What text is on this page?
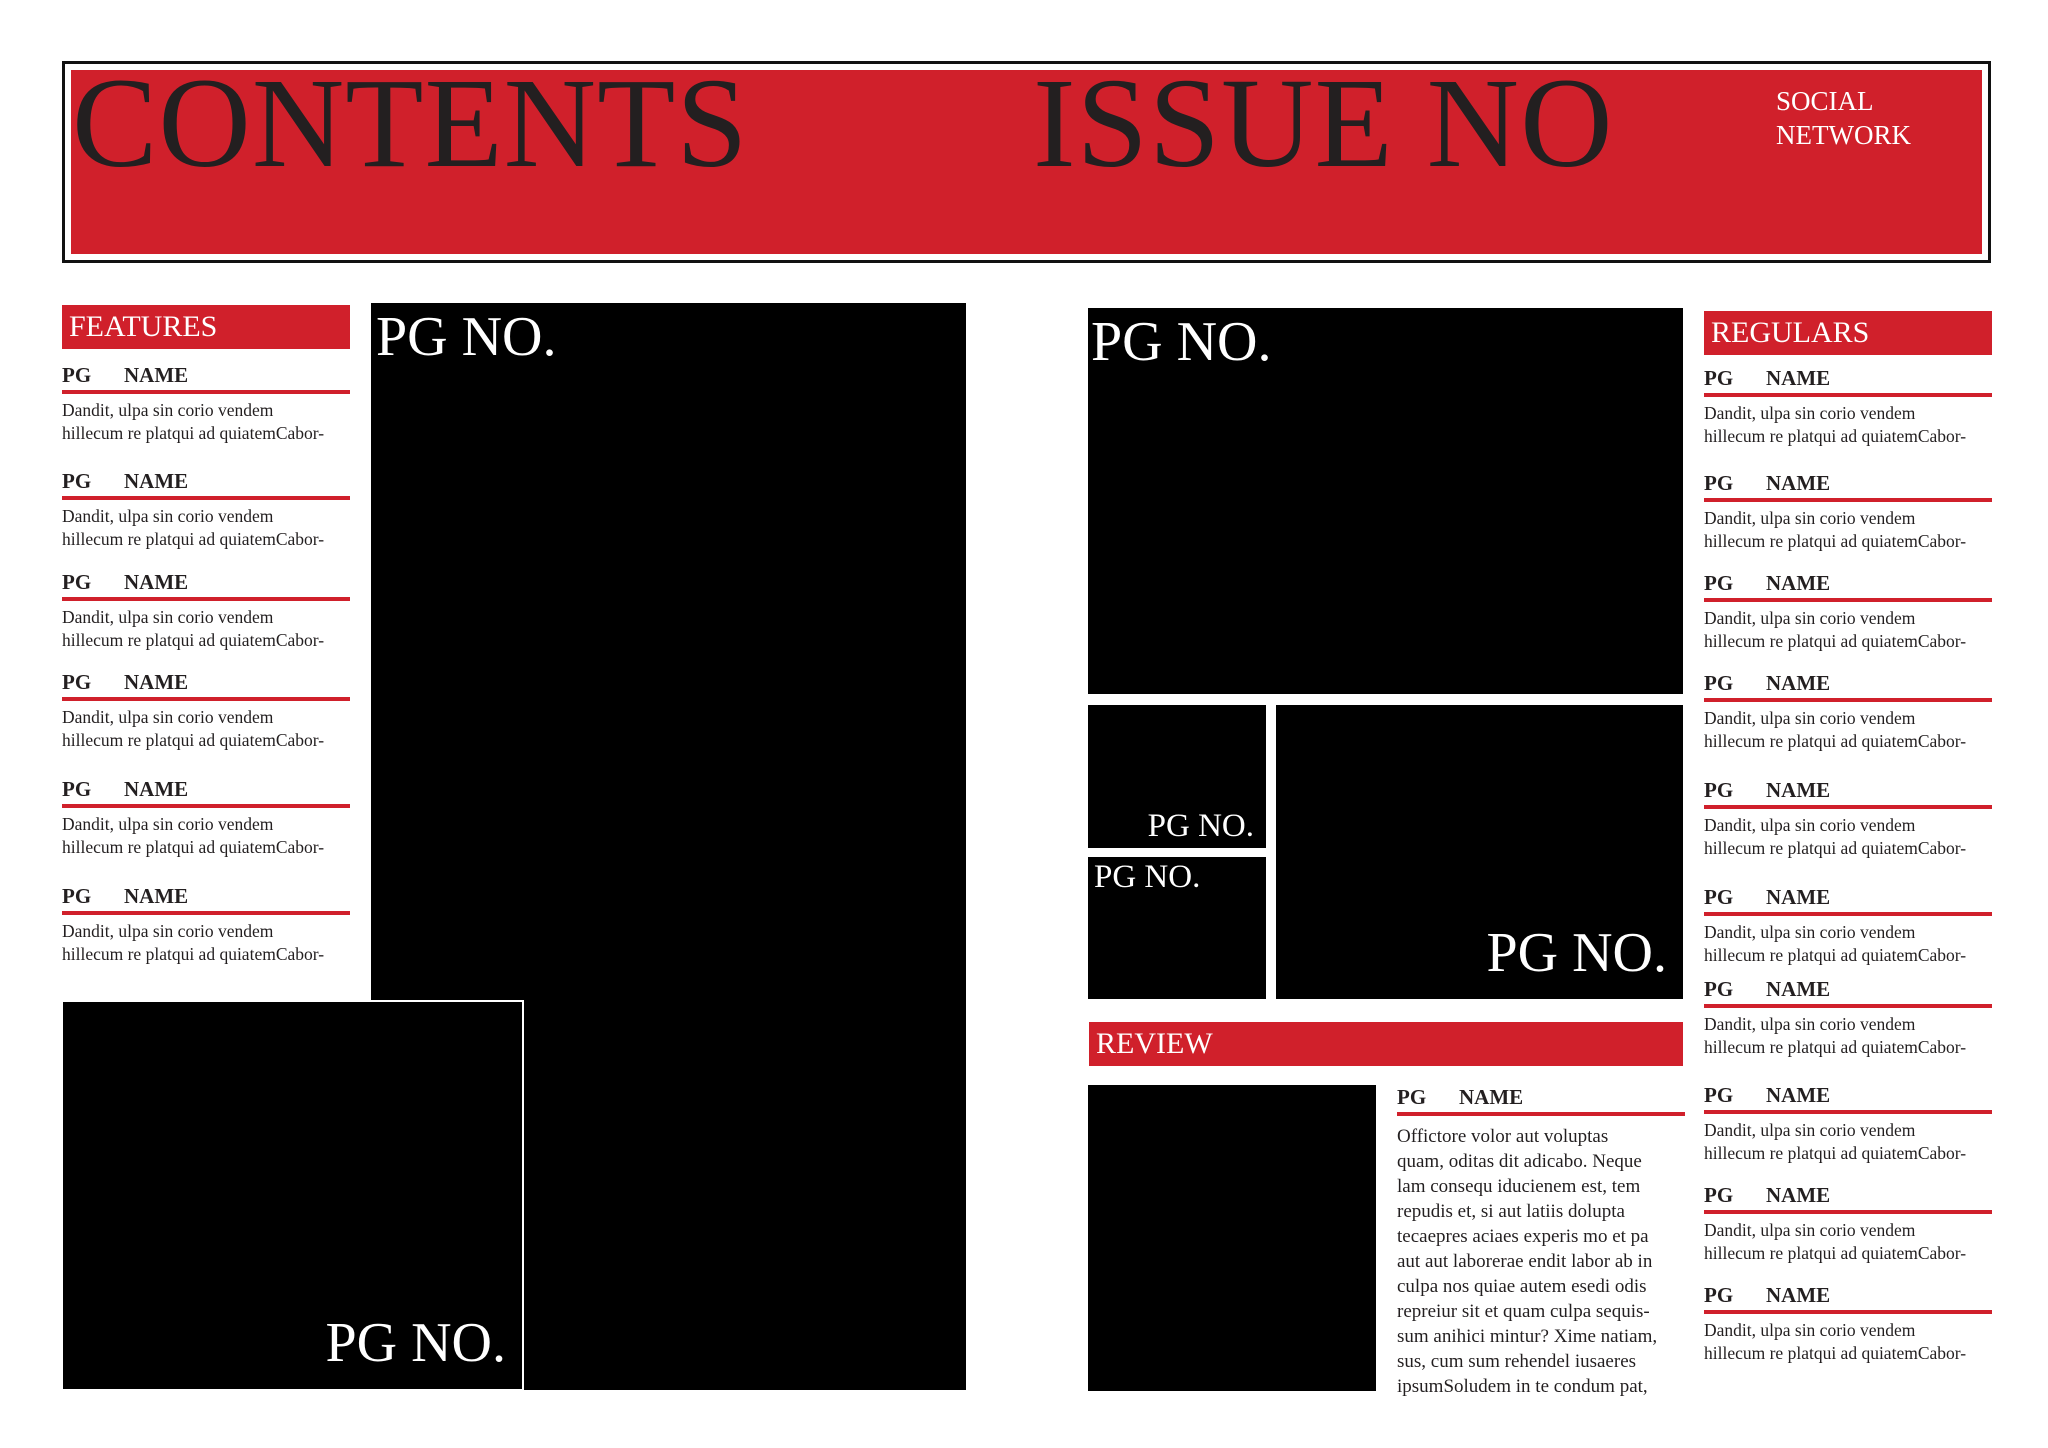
CONTENTS ISSUE NO	SOCIAL
NETWORK
FEATURES
PG NAME
Dandit, ulpa sin corio vendem
hillecum re platqui ad quiatemCabor-
PG NAME
Dandit, ulpa sin corio vendem
hillecum re platqui ad quiatemCabor-
PG NAME
Dandit, ulpa sin corio vendem
hillecum re platqui ad quiatemCabor-
PG NAME
Dandit, ulpa sin corio vendem
hillecum re platqui ad quiatemCabor-
PG NAME
Dandit, ulpa sin corio vendem
hillecum re platqui ad quiatemCabor-
PG NAME
Dandit, ulpa sin corio vendem
hillecum re platqui ad quiatemCabor-
PG NO.
PG NO.
PG NO.
PG NO.
PG NO.
PG NO.
REVIEW
PG NAME
Offictore volor aut voluptas
quam, oditas dit adicabo. Neque
lam consequ iducienem est, tem
repudis et, si aut latiis dolupta
tecaepres aciaes experis mo et pa
aut aut laborerae endit labor ab in
culpa nos quiae autem esedi odis
repreiur sit et quam culpa sequis-
sum anihici mintur? Xime natiam,
sus, cum sum rehendel iusaeres
ipsumSoludem in te condum pat,
REGULARS
PG NAME
Dandit, ulpa sin corio vendem
hillecum re platqui ad quiatemCabor-
PG NAME
Dandit, ulpa sin corio vendem
hillecum re platqui ad quiatemCabor-
PG NAME
Dandit, ulpa sin corio vendem
hillecum re platqui ad quiatemCabor-
PG NAME
Dandit, ulpa sin corio vendem
hillecum re platqui ad quiatemCabor-
PG NAME
Dandit, ulpa sin corio vendem
hillecum re platqui ad quiatemCabor-
PG NAME
Dandit, ulpa sin corio vendem
hillecum re platqui ad quiatemCabor-
PG NAME
Dandit, ulpa sin corio vendem
hillecum re platqui ad quiatemCabor-
PG NAME
Dandit, ulpa sin corio vendem
hillecum re platqui ad quiatemCabor-
PG NAME
Dandit, ulpa sin corio vendem
hillecum re platqui ad quiatemCabor-
PG NAME
Dandit, ulpa sin corio vendem
hillecum re platqui ad quiatemCabor-
